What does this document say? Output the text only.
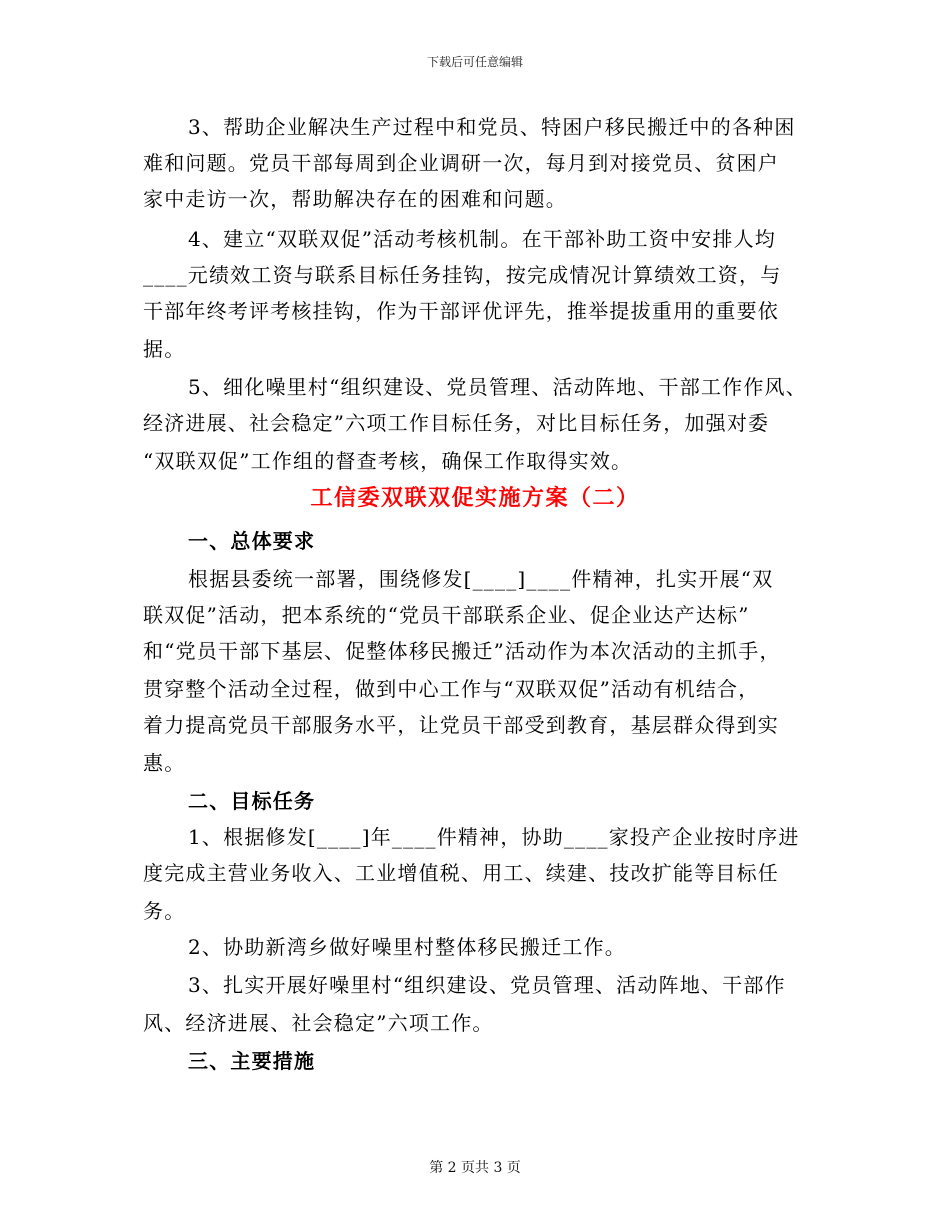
下载后可任意编辑
3、帮助企业解决生产过程中和党员、特困户移民搬迁中的各种困
难和问题。党员干部每周到企业调研一次，每月到对接党员、贫困户
家中走访一次，帮助解决存在的困难和问题。
4、建立“双联双促”活动考核机制。在干部补助工资中安排人均
____元绩效工资与联系目标任务挂钩，按完成情况计算绩效工资，与
干部年终考评考核挂钩，作为干部评优评先，推举提拔重用的重要依
据。
5、细化噪里村“组织建设、党员管理、活动阵地、干部工作作风、
经济进展、社会稳定”六项工作目标任务，对比目标任务，加强对委
“双联双促”工作组的督查考核，确保工作取得实效。
工信委双联双促实施方案（二）
一、总体要求
根据县委统一部署，围绕修发[____]____件精神，扎实开展“双
联双促”活动，把本系统的“党员干部联系企业、促企业达产达标”
和“党员干部下基层、促整体移民搬迁”活动作为本次活动的主抓手，
贯穿整个活动全过程，做到中心工作与“双联双促”活动有机结合，
着力提高党员干部服务水平，让党员干部受到教育，基层群众得到实
惠。
二、目标任务
1、根据修发[____]年____件精神，协助____家投产企业按时序进
度完成主营业务收入、工业增值税、用工、续建、技改扩能等目标任
务。
2、协助新湾乡做好噪里村整体移民搬迁工作。
3、扎实开展好噪里村“组织建设、党员管理、活动阵地、干部作
风、经济进展、社会稳定”六项工作。
三、主要措施
第 2 页共 3 页
